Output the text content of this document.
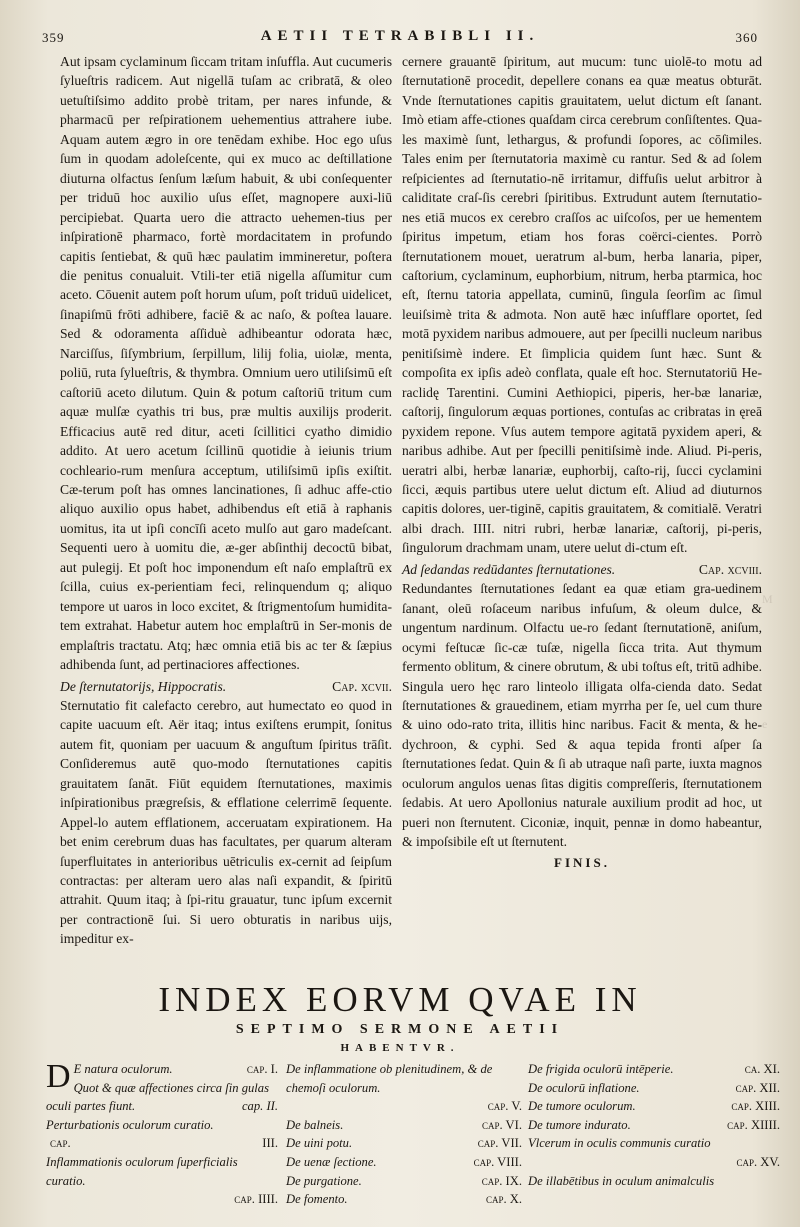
M
e
359	AETII TETRABIBLI II.	360

Aut ipsam cyclaminum ſiccam tritam inſuffla. Aut cucumeris ſylueſtris radicem. Aut nigellā tuſam ac cribratā, & oleo uetuſtiſsimo addito probè tritam, per nares infunde, & pharmacū per reſpirationem uehementius attrahere iube. Aquam autem ægro in ore tenēdam exhibe. Hoc ego uſus ſum in quodam adoleſcente, qui ex muco ac deſtillatione diuturna olfactus ſenſum læſum habuit, & ubi conſequenter per triduū hoc auxilio uſus eſſet, magnopere auxi-liū percipiebat. Quarta uero die attracto uehemen-tius per inſpirationē pharmaco, fortè mordacitatem in profundo capitis ſentiebat, & quū hæc paulatim immineretur, poſtera die penitus conualuit. Vtili-ter etiā nigella aſſumitur cum aceto. Cōuenit autem poſt horum uſum, poſt triduū uidelicet, ſinapiſmū frōti adhibere, faciē & ac naſo, & poſtea lauare. Sed & odoramenta aſſiduè adhibeantur odorata hæc, Narciſſus, ſiſymbrium, ſerpillum, lilij folia, uiolæ, menta, poliū, ruta ſylueſtris, & thymbra. Omnium uero utiliſsimū eſt caſtoriū aceto dilutum. Quin & potum caſtoriū tritum cum aquæ mulſæ cyathis tri bus, præ multis auxilijs proderit. Efficacius autē red ditur, aceti ſcillitici cyatho dimidio addito. At uero acetum ſcillinū quotidie à ieiunis trium cochleario-rum menſura acceptum, utiliſsimū ipſis exiſtit. Cæ-terum poſt has omnes lancinationes, ſi adhuc affe-ctio aliquo auxilio opus habet, adhibendus eſt etiā à raphanis uomitus, ita ut ipſi concīſi aceto mulſo aut garo madeſcant. Sequenti uero à uomitu die, æ-ger abſinthij decoctū bibat, aut pulegij. Et poſt hoc imponendum eſt naſo emplaſtrū ex ſcilla, cuius ex-perientiam feci, relinquendum q; aliquo tempore ut uaros in loco excitet, & ſtrigmentoſum humidita-tem extrahat. Habetur autem hoc emplaſtrū in Ser-monis de emplaſtris tractatu. Atq; hæc omnia etiā bis ac ter & ſæpius adhibenda ſunt, ad pertinaciores affectiones.

De ſternutatorijs, Hippocratis.	Cap. xcvii.

Sternutatio fit calefacto cerebro, aut humectato eo quod in capite uacuum eſt. Aër itaq; intus exiſtens erumpit, ſonitus autem fit, quoniam per uacuum & anguſtum ſpiritus trāſit. Conſideremus autē quo-modo ſternutationes capitis grauitatem ſanāt. Fiūt equidem ſternutationes, maximis inſpirationibus prægreſsis, & efflatione celerrimē ſequente. Appel-lo autem efflationem, acceruatam expirationem. Ha bet enim cerebrum duas has facultates, per quarum alteram ſuperfluitates in anterioribus uētriculis ex-cernit ad ſeipſum contractas: per alteram uero alas naſi expandit, & ſpiritū attrahit. Quum itaq; à ſpi-ritu grauatur, tunc ipſum excernit per contractionē ſui. Si uero obturatis in naribus uijs, impeditur ex-

cernere grauantē ſpiritum, aut mucum: tunc uiolē-to motu ad ſternutationē procedit, depellere conans ea quæ meatus obturāt. Vnde ſternutationes capitis grauitatem, uelut dictum eſt ſanant. Imò etiam affe-ctiones quaſdam circa cerebrum conſiſtentes. Qua-les maximè ſunt, lethargus, & profundi ſopores, ac cōſimiles. Tales enim per ſternutatoria maximè cu rantur. Sed & ad ſolem reſpicientes ad ſternutatio-nē irritamur, diffuſis uelut arbitror à caliditate craſ-ſis cerebri ſpiritibus. Extrudunt autem ſternutatio-nes etiā mucos ex cerebro craſſos ac uiſcoſos, per ue hementem ſpiritus impetum, etiam hos foras coërci-cientes. Porrò ſternutationem mouet, ueratrum al-bum, herba lanaria, piper, caſtorium, cyclaminum, euphorbium, nitrum, herba ptarmica, hoc eſt, ſternu tatoria appellata, cuminū, ſingula ſeorſim ac ſimul leuiſsimè trita & admota. Non autē hæc inſufflare oportet, ſed motā pyxidem naribus admouere, aut per ſpecilli nucleum naribus penitiſsimè indere. Et ſimplicia quidem ſunt hæc. Sunt & compoſita ex ipſis adeò conflata, quale eſt hoc. Sternutatoriū He-raclidę Tarentini. Cumini Aethiopici, piperis, her-bæ lanariæ, caſtorij, ſingulorum æquas portiones, contuſas ac cribratas in ęreā pyxidem repone. Vſus autem tempore agitatā pyxidem aperi, & naribus adhibe. Aut per ſpecilli penitiſsimè inde. Aliud. Pi-peris, ueratri albi, herbæ lanariæ, euphorbij, caſto-rij, ſucci cyclamini ſicci, æquis partibus utere uelut dictum eſt. Aliud ad diuturnos capitis dolores, uer-tiginē, capitis grauitatem, & comitialē. Veratri albi drach. IIII. nitri rubri, herbæ lanariæ, caſtorij, pi-peris, ſingulorum drachmam unam, utere uelut di-ctum eſt.

Ad ſedandas redūdantes ſternutationes.	Cap. xcviii.

Redundantes ſternutationes ſedant ea quæ etiam gra-uedinem ſanant, oleū roſaceum naribus infuſum, & oleum dulce, & ungentum nardinum. Olfactu ue-ro ſedant ſternutationē, aniſum, ocymi feſtucæ ſic-cæ tuſæ, nigella ſicca trita. Aut thymum fermento oblitum, & cinere obrutum, & ubi toſtus eſt, tritū adhibe. Singula uero hęc raro linteolo illigata olfa-cienda dato. Sedat ſternutationes & grauedinem, etiam myrrha per ſe, uel cum thure & uino odo-rato trita, illitis hinc naribus. Facit & menta, & he-dychroon, & cyphi. Sed & aqua tepida fronti aſper ſa ſternutationes ſedat. Quin & ſi ab utraque naſi parte, iuxta magnos oculorum angulos uenas ſitas digitis compreſſeris, ſternutationem ſedabis. At uero Apollonius naturale auxilium prodit ad hoc, ut pueri non ſternutent. Ciconiæ, inquit, pennæ in domo habeantur, & impoſsibile eſt ut ſternutent.

FINIS.
INDEX EORVM QVAE IN
SEPTIMO SERMONE AETII
HABENTVR.
D E natura oculorum.	cap. I.
Quot & quæ affectiones circa ſin gulas oculi partes fiunt.	cap. II.
Perturbationis oculorum curatio.
cap.	III.
Inflammationis oculorum ſuperficialis curatio.
cap. IIII.
De inflammatione ob plenitudinem, & de chemoſi oculorum.
cap. V.
De balneis.	cap. VI.
De uini potu.	cap. VII.
De uenæ ſectione.	cap. VIII.
De purgatione.	cap. IX.
De fomento.	cap. X.
De frigida oculorū intēperie.	ca. XI.
De oculorū inflatione.	cap. XII.
De tumore oculorum.	cap. XIII.
De tumore indurato.	cap. XIIII.
Vlcerum in oculis communis curatio
cap. XV.
De illabētibus in oculum animalculis
